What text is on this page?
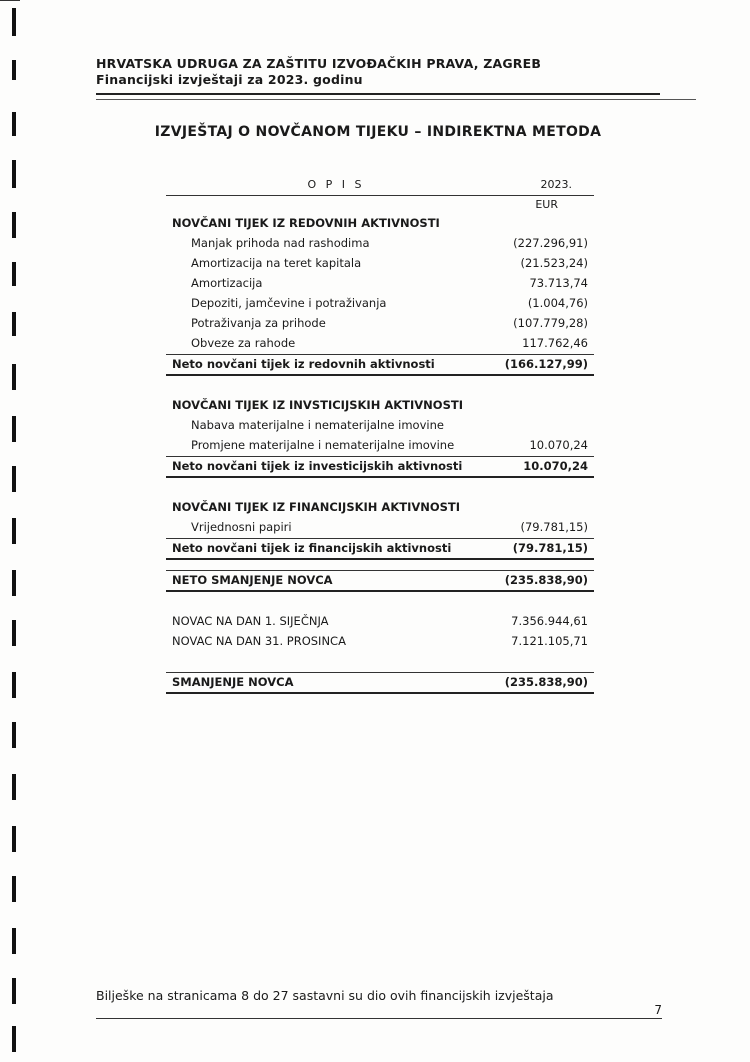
HRVATSKA UDRUGA ZA ZAŠTITU IZVOĐAČKIH PRAVA, ZAGREB
Financijski izvještaji za 2023. godinu
IZVJEŠTAJ O NOVČANOM TIJEKU – INDIREKTNA METODA
O P I S	2023.
EUR
NOVČANI TIJEK IZ REDOVNIH AKTIVNOSTI
Manjak prihoda nad rashodima	(227.296,91)
Amortizacija na teret kapitala	(21.523,24)
Amortizacija	73.713,74
Depoziti, jamčevine i potraživanja	(1.004,76)
Potraživanja za prihode	(107.779,28)
Obveze za rahode	117.762,46
Neto novčani tijek iz redovnih aktivnosti	(166.127,99)
NOVČANI TIJEK IZ INVSTICIJSKIH AKTIVNOSTI
Nabava materijalne i nematerijalne imovine
Promjene materijalne i nematerijalne imovine	10.070,24
Neto novčani tijek iz investicijskih aktivnosti	10.070,24
NOVČANI TIJEK IZ FINANCIJSKIH AKTIVNOSTI
Vrijednosni papiri	(79.781,15)
Neto novčani tijek iz financijskih aktivnosti	(79.781,15)
NETO SMANJENJE NOVCA	(235.838,90)
NOVAC NA DAN 1. SIJEČNJA	7.356.944,61
NOVAC NA DAN 31. PROSINCA	7.121.105,71
SMANJENJE NOVCA	(235.838,90)
Bilješke na stranicama 8 do 27 sastavni su dio ovih financijskih izvještaja
7
